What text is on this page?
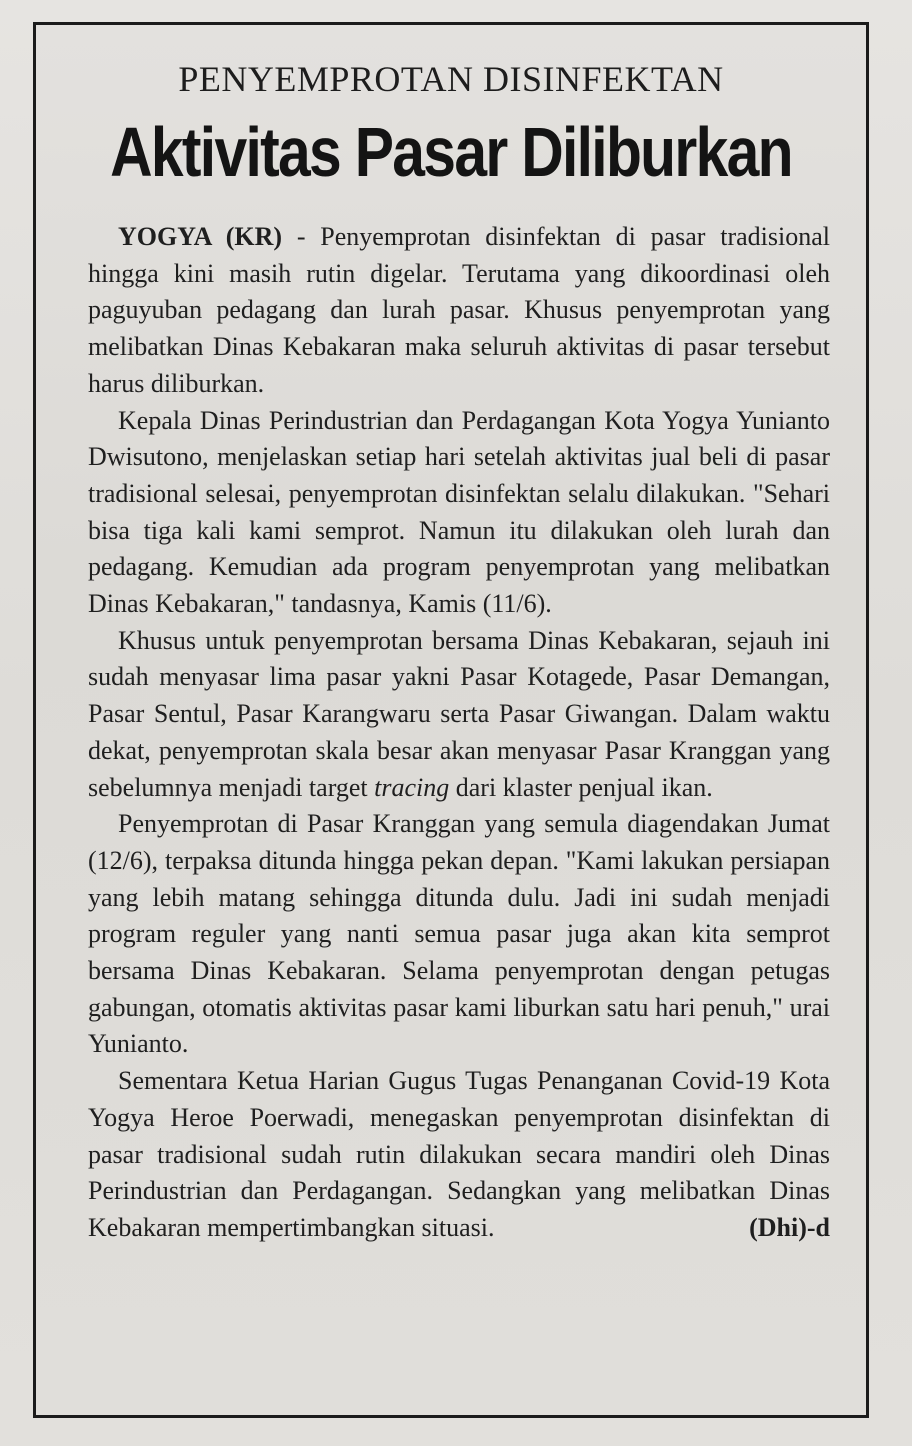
PENYEMPROTAN DISINFEKTAN
Aktivitas Pasar Diliburkan

YOGYA (KR) - Penyemprotan disinfektan di pasar tradisional hingga kini masih rutin digelar. Terutama yang dikoordinasi oleh paguyuban pedagang dan lurah pasar. Khusus penyemprotan yang melibatkan Dinas Kebakaran maka seluruh aktivitas di pasar tersebut harus diliburkan.

Kepala Dinas Perindustrian dan Perdagangan Kota Yogya Yunianto Dwisutono, menjelaskan setiap hari setelah aktivitas jual beli di pasar tradisional selesai, penyemprotan disinfektan selalu dilakukan. "Sehari bisa tiga kali kami semprot. Namun itu dilakukan oleh lurah dan pedagang. Kemudian ada program penyemprotan yang melibatkan Dinas Kebakaran," tandasnya, Kamis (11/6).

Khusus untuk penyemprotan bersama Dinas Kebakaran, sejauh ini sudah menyasar lima pasar yakni Pasar Kotagede, Pasar Demangan, Pasar Sentul, Pasar Karangwaru serta Pasar Giwangan. Dalam waktu dekat, penyemprotan skala besar akan menyasar Pasar Kranggan yang sebelumnya menjadi target tracing dari klaster penjual ikan.

Penyemprotan di Pasar Kranggan yang semula diagendakan Jumat (12/6), terpaksa ditunda hingga pekan depan. "Kami lakukan persiapan yang lebih matang sehingga ditunda dulu. Jadi ini sudah menjadi program reguler yang nanti semua pasar juga akan kita semprot bersama Dinas Kebakaran. Selama penyemprotan dengan petugas gabungan, otomatis aktivitas pasar kami liburkan satu hari penuh," urai Yunianto.

Sementara Ketua Harian Gugus Tugas Penanganan Covid-19 Kota Yogya Heroe Poerwadi, menegaskan penyemprotan disinfektan di pasar tradisional sudah rutin dilakukan secara mandiri oleh Dinas Perindustrian dan Perdagangan. Sedangkan yang melibatkan Dinas Kebakaran mempertimbangkan situasi.	(Dhi)-d
